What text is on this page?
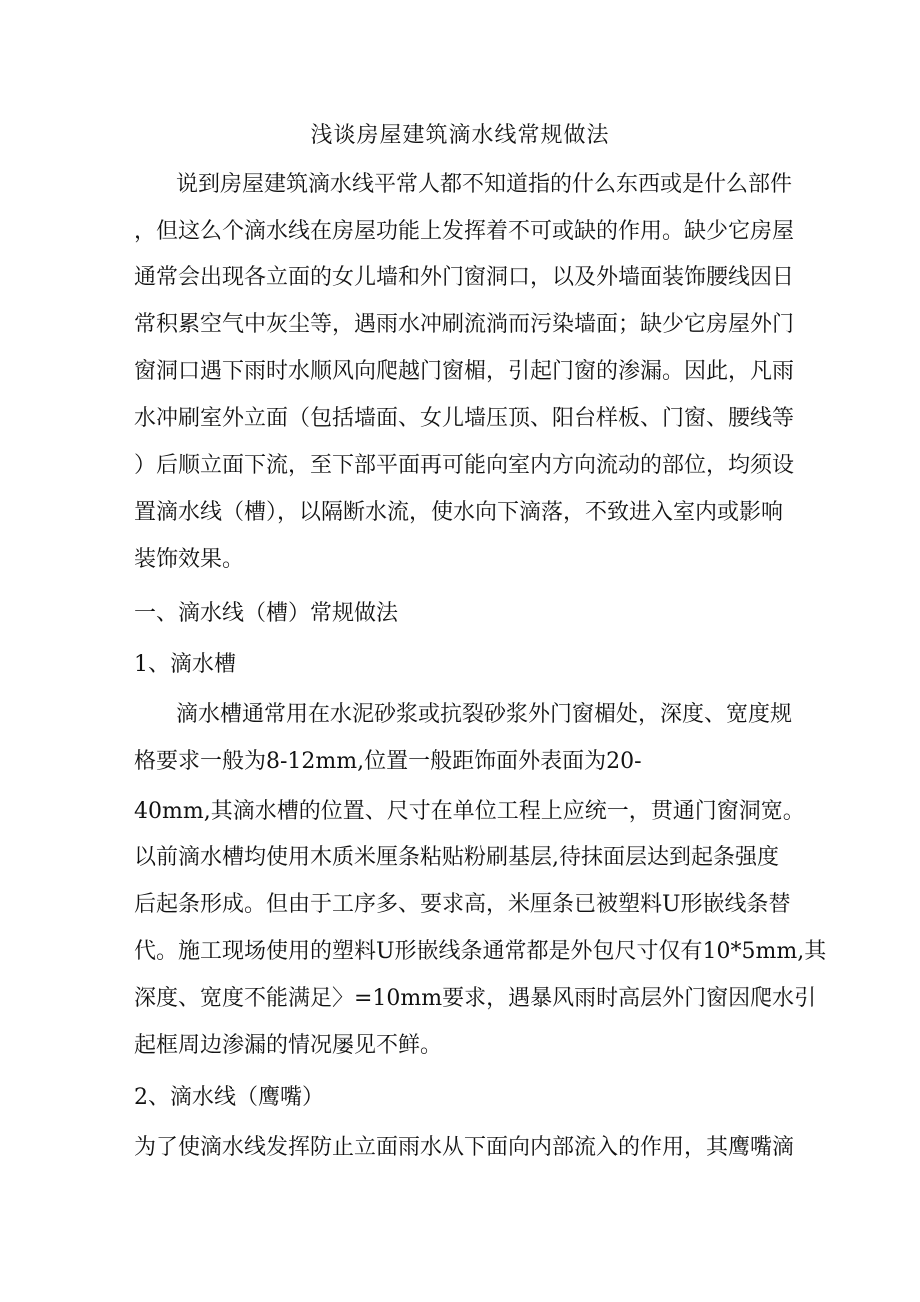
浅谈房屋建筑滴水线常规做法
说到房屋建筑滴水线平常人都不知道指的什么东西或是什么部件
，但这么个滴水线在房屋功能上发挥着不可或缺的作用。缺少它房屋
通常会出现各立面的女儿墙和外门窗洞口，以及外墙面装饰腰线因日
常积累空气中灰尘等，遇雨水冲刷流淌而污染墙面；缺少它房屋外门
窗洞口遇下雨时水顺风向爬越门窗楣，引起门窗的渗漏。因此，凡雨
水冲刷室外立面（包括墙面、女儿墙压顶、阳台样板、门窗、腰线等
）后顺立面下流，至下部平面再可能向室内方向流动的部位，均须设
置滴水线（槽），以隔断水流，使水向下滴落，不致进入室内或影响
装饰效果。
一、滴水线（槽）常规做法
1、滴水槽
滴水槽通常用在水泥砂浆或抗裂砂浆外门窗楣处，深度、宽度规
格要求一般为8-12mm,位置一般距饰面外表面为20-
40mm,其滴水槽的位置、尺寸在单位工程上应统一，贯通门窗洞宽。
以前滴水槽均使用木质米厘条粘贴粉刷基层,待抹面层达到起条强度
后起条形成。但由于工序多、要求高，米厘条已被塑料U形嵌线条替
代。施工现场使用的塑料U形嵌线条通常都是外包尺寸仅有10*5mm,其
深度、宽度不能满足〉=10mm要求，遇暴风雨时高层外门窗因爬水引
起框周边渗漏的情况屡见不鲜。
2、滴水线（鹰嘴）
为了使滴水线发挥防止立面雨水从下面向内部流入的作用，其鹰嘴滴
